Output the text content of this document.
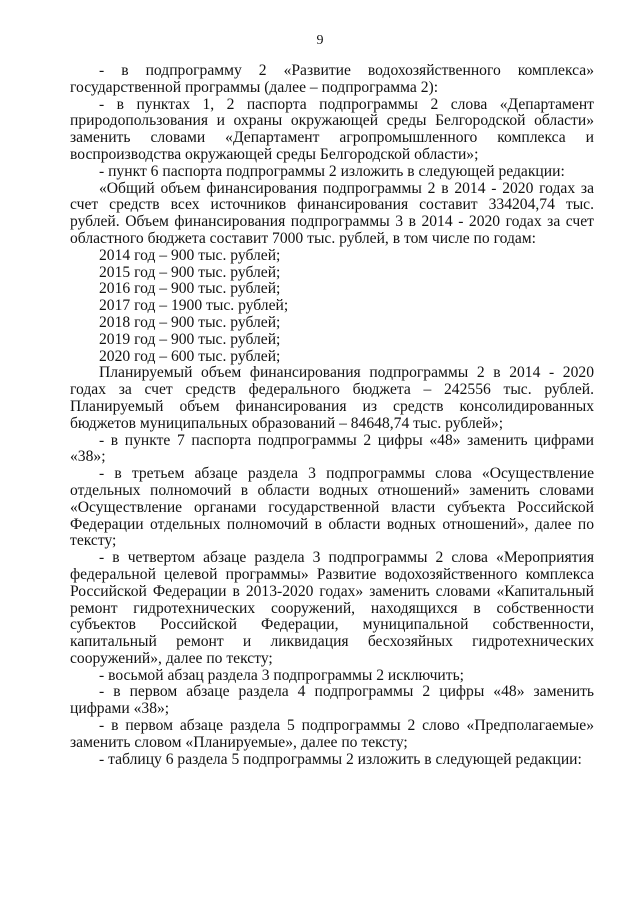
9

- в подпрограмму 2 «Развитие водохозяйственного комплекса» государственной программы (далее – подпрограмма 2):

- в пунктах 1, 2 паспорта подпрограммы 2 слова «Департамент природопользования и охраны окружающей среды Белгородской области» заменить словами «Департамент агропромышленного комплекса и воспроизводства окружающей среды Белгородской области»;

- пункт 6 паспорта подпрограммы 2 изложить в следующей редакции:

«Общий объем финансирования подпрограммы 2 в 2014 - 2020 годах за счет средств всех источников финансирования составит 334204,74 тыс. рублей. Объем финансирования подпрограммы 3 в 2014 - 2020 годах за счет областного бюджета составит 7000 тыс. рублей, в том числе по годам:

2014 год – 900 тыс. рублей;

2015 год – 900 тыс. рублей;

2016 год – 900 тыс. рублей;

2017 год – 1900 тыс. рублей;

2018 год – 900 тыс. рублей;

2019 год – 900 тыс. рублей;

2020 год – 600 тыс. рублей;

Планируемый объем финансирования подпрограммы 2 в 2014 - 2020 годах за счет средств федерального бюджета – 242556 тыс. рублей. Планируемый объем финансирования из средств консолидированных бюджетов муниципальных образований – 84648,74 тыс. рублей»;

- в пункте 7 паспорта подпрограммы 2 цифры «48» заменить цифрами «38»;

- в третьем абзаце раздела 3 подпрограммы слова «Осуществление отдельных полномочий в области водных отношений» заменить словами «Осуществление органами государственной власти субъекта Российской Федерации отдельных полномочий в области водных отношений», далее по тексту;

- в четвертом абзаце раздела 3 подпрограммы 2 слова «Мероприятия федеральной целевой программы» Развитие водохозяйственного комплекса Российской Федерации в 2013-2020 годах» заменить словами «Капитальный ремонт гидротехнических сооружений, находящихся в собственности субъектов Российской Федерации, муниципальной собственности, капитальный ремонт и ликвидация бесхозяйных гидротехнических сооружений», далее по тексту;

- восьмой абзац раздела 3 подпрограммы 2 исключить;

- в первом абзаце раздела 4 подпрограммы 2 цифры «48» заменить цифрами «38»;

- в первом абзаце раздела 5 подпрограммы 2 слово «Предполагаемые» заменить словом «Планируемые», далее по тексту;

- таблицу 6 раздела 5 подпрограммы 2 изложить в следующей редакции:
